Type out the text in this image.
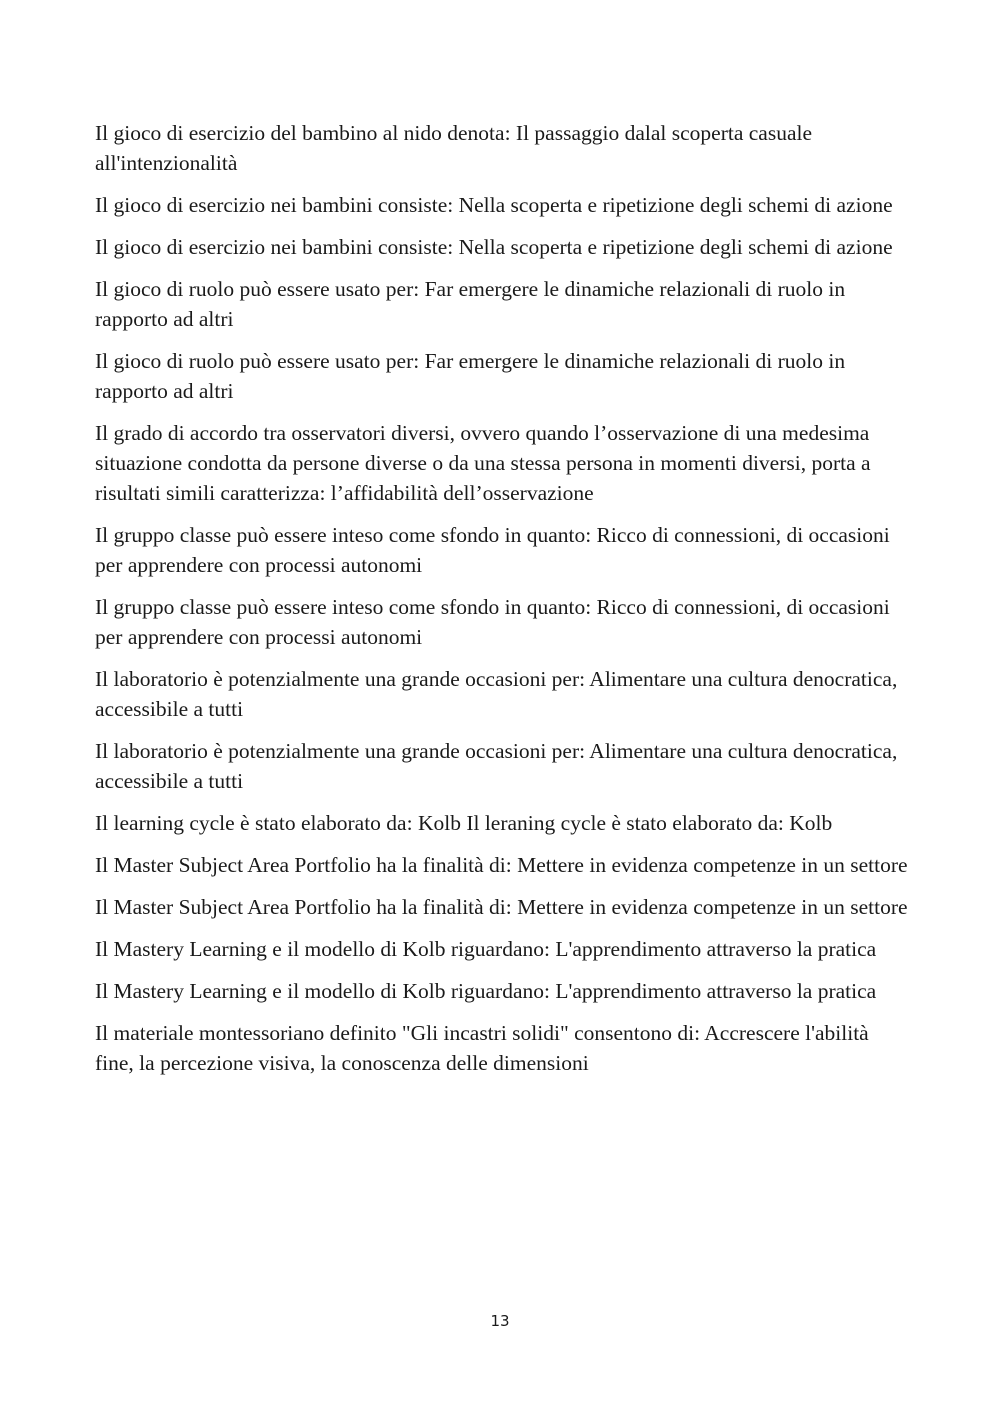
Il gioco di esercizio del bambino al nido denota: Il passaggio dalal scoperta casuale all'intenzionalità

Il gioco di esercizio nei bambini consiste: Nella scoperta e ripetizione degli schemi di azione

Il gioco di esercizio nei bambini consiste: Nella scoperta e ripetizione degli schemi di azione

Il gioco di ruolo può essere usato per: Far emergere le dinamiche relazionali di ruolo in rapporto ad altri

Il gioco di ruolo può essere usato per: Far emergere le dinamiche relazionali di ruolo in rapporto ad altri

Il grado di accordo tra osservatori diversi, ovvero quando l’osservazione di una medesima situazione condotta da persone diverse o da una stessa persona in momenti diversi, porta a risultati simili caratterizza: l’affidabilità dell’osservazione

Il gruppo classe può essere inteso come sfondo in quanto: Ricco di connessioni, di occasioni per apprendere con processi autonomi

Il gruppo classe può essere inteso come sfondo in quanto: Ricco di connessioni, di occasioni per apprendere con processi autonomi

Il laboratorio è potenzialmente una grande occasioni per: Alimentare una cultura denocratica, accessibile a tutti

Il laboratorio è potenzialmente una grande occasioni per: Alimentare una cultura denocratica, accessibile a tutti

Il learning cycle è stato elaborato da: Kolb Il leraning cycle è stato elaborato da: Kolb

Il Master Subject Area Portfolio ha la finalità di: Mettere in evidenza competenze in un settore

Il Master Subject Area Portfolio ha la finalità di: Mettere in evidenza competenze in un settore

Il Mastery Learning e il modello di Kolb riguardano: L'apprendimento attraverso la pratica

Il Mastery Learning e il modello di Kolb riguardano: L'apprendimento attraverso la pratica

Il materiale montessoriano definito "Gli incastri solidi" consentono di: Accrescere l'abilità fine, la percezione visiva, la conoscenza delle dimensioni

13
